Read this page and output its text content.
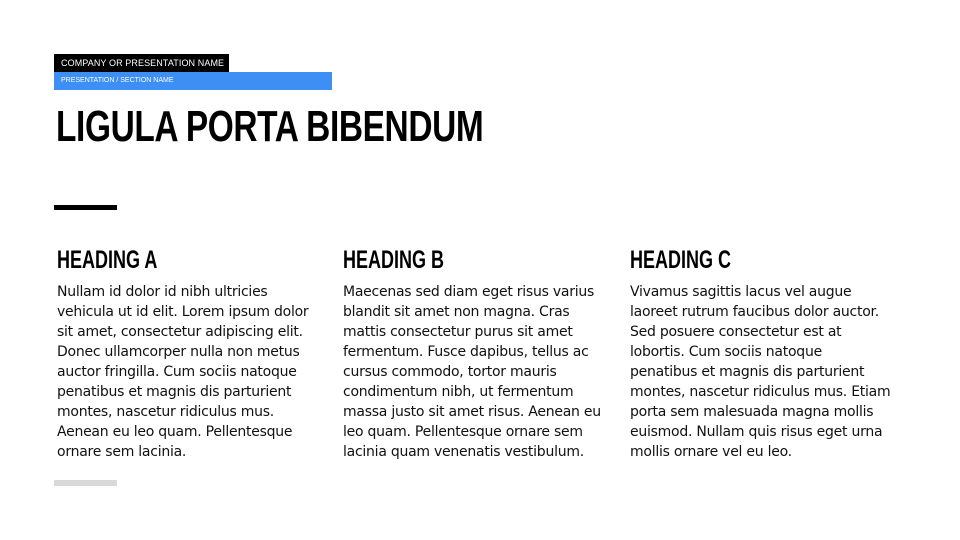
COMPANY OR PRESENTATION NAME
PRESENTATION / SECTION NAME
LIGULA PORTA BIBENDUM
HEADING A

Nullam id dolor id nibh ultricies vehicula ut id elit. Lorem ipsum dolor sit amet, consectetur adipiscing elit. Donec ullamcorper nulla non metus auctor fringilla. Cum sociis natoque penatibus et magnis dis parturient montes, nascetur ridiculus mus. Aenean eu leo quam. Pellentesque ornare sem lacinia.

HEADING B

Maecenas sed diam eget risus varius blandit sit amet non magna. Cras mattis consectetur purus sit amet fermentum. Fusce dapibus, tellus ac cursus commodo, tortor mauris condimentum nibh, ut fermentum massa justo sit amet risus. Aenean eu leo quam. Pellentesque ornare sem lacinia quam venenatis vestibulum.

HEADING C

Vivamus sagittis lacus vel augue laoreet rutrum faucibus dolor auctor. Sed posuere consectetur est at lobortis. Cum sociis natoque penatibus et magnis dis parturient montes, nascetur ridiculus mus. Etiam porta sem malesuada magna mollis euismod. Nullam quis risus eget urna mollis ornare vel eu leo.
